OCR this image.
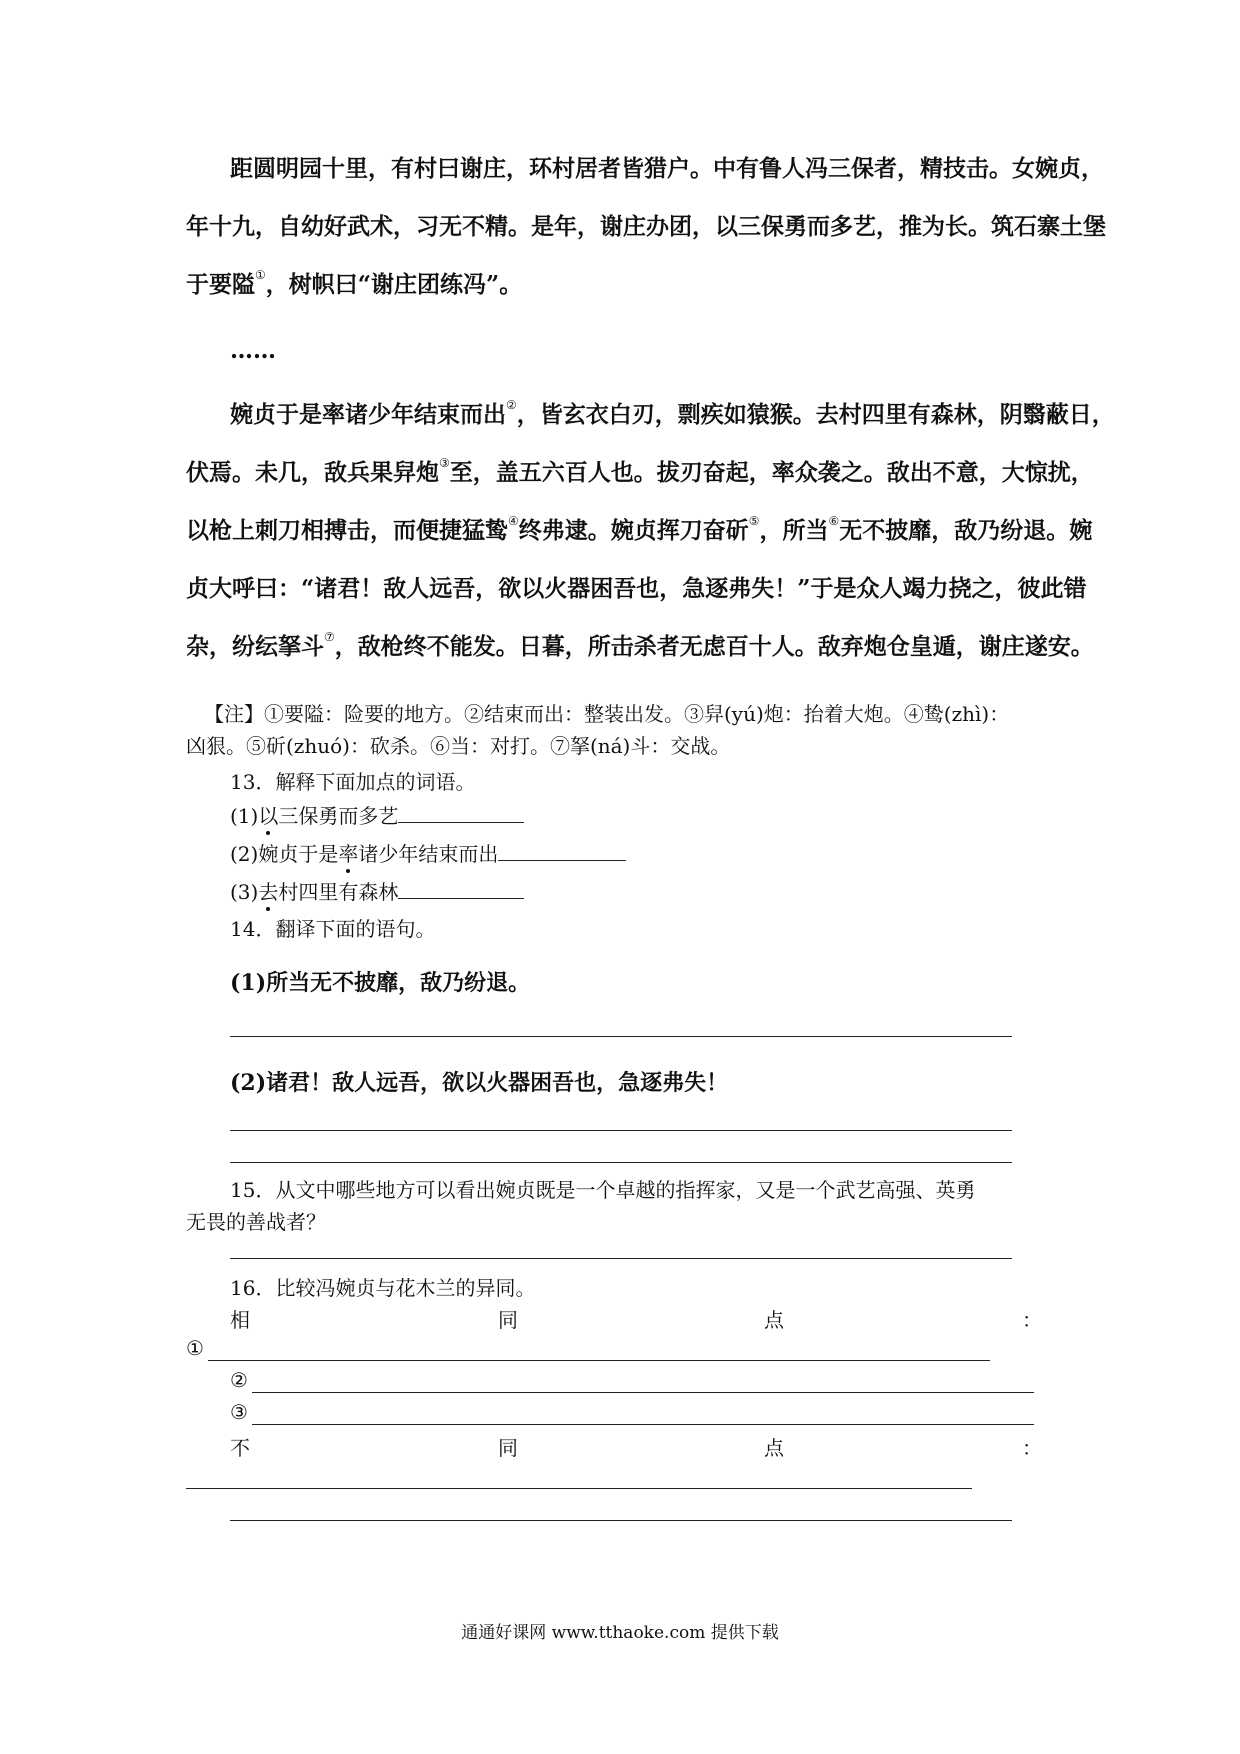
距圆明园十里，有村曰谢庄，环村居者皆猎户。中有鲁人冯三保者，精技击。女婉贞，
年十九，自幼好武术，习无不精。是年，谢庄办团，以三保勇而多艺，推为长。筑石寨土堡
于要隘①，树帜曰“谢庄团练冯”。
……
婉贞于是率诸少年结束而出②，皆玄衣白刃，剽疾如猿猴。去村四里有森林，阴翳蔽日，
伏焉。未几，敌兵果舁炮③至，盖五六百人也。拔刃奋起，率众袭之。敌出不意，大惊扰，
以枪上刺刀相搏击，而便捷猛鸷④终弗逮。婉贞挥刀奋斫⑤，所当⑥无不披靡，敌乃纷退。婉
贞大呼曰：“诸君！敌人远吾，欲以火器困吾也，急逐弗失！”于是众人竭力挠之，彼此错
杂，纷纭拏斗⑦，敌枪终不能发。日暮，所击杀者无虑百十人。敌弃炮仓皇遁，谢庄遂安。
【注】①要隘：险要的地方。②结束而出：整装出发。③舁(yú)炮：抬着大炮。④鸷(zhì)：
凶狠。⑤斫(zhuó)：砍杀。⑥当：对打。⑦拏(ná)斗：交战。
13．解释下面加点的词语。
(1)以三保勇而多艺
(2)婉贞于是率诸少年结束而出
(3)去村四里有森林
14．翻译下面的语句。
(1)所当无不披靡，敌乃纷退。
(2)诸君！敌人远吾，欲以火器困吾也，急逐弗失！
15．从文中哪些地方可以看出婉贞既是一个卓越的指挥家，又是一个武艺高强、英勇
无畏的善战者？
16．比较冯婉贞与花木兰的异同。
相	同	点	：
①
②
③
不	同	点	：
通通好课网 www.tthaoke.com 提供下载
